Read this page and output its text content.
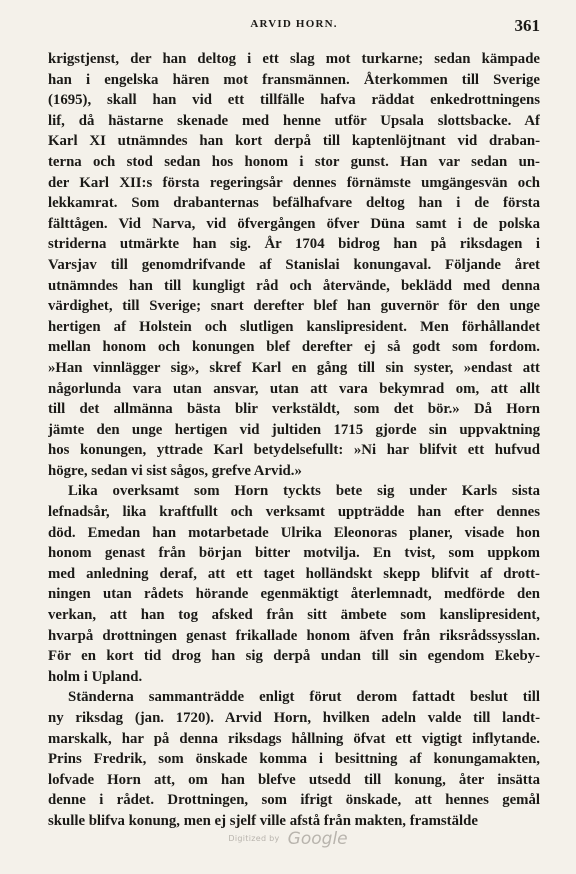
ARVID HORN.	361
krigstjenst, der han deltog i ett slag mot turkarne; sedan kämpade
han i engelska hären mot fransmännen. Återkommen till Sverige
(1695), skall han vid ett tillfälle hafva räddat enkedrottningens
lif, då hästarne skenade med henne utför Upsala slottsbacke. Af
Karl XI utnämndes han kort derpå till kaptenlöjtnant vid draban-
terna och stod sedan hos honom i stor gunst. Han var sedan un-
der Karl XII:s första regeringsår dennes förnämste umgängesvän och
lekkamrat. Som drabanternas befälhafvare deltog han i de första
fälttågen. Vid Narva, vid öfvergången öfver Düna samt i de polska
striderna utmärkte han sig. År 1704 bidrog han på riksdagen i
Varsjav till genomdrifvande af Stanislai konungaval. Följande året
utnämndes han till kungligt råd och återvände, beklädd med denna
värdighet, till Sverige; snart derefter blef han guvernör för den unge
hertigen af Holstein och slutligen kanslipresident. Men förhållandet
mellan honom och konungen blef derefter ej så godt som fordom.
»Han vinnlägger sig», skref Karl en gång till sin syster, »endast att
någorlunda vara utan ansvar, utan att vara bekymrad om, att allt
till det allmänna bästa blir verkstäldt, som det bör.» Då Horn
jämte den unge hertigen vid jultiden 1715 gjorde sin uppvaktning
hos konungen, yttrade Karl betydelsefullt: »Ni har blifvit ett hufvud
högre, sedan vi sist sågos, grefve Arvid.»
Lika overksamt som Horn tyckts bete sig under Karls sista
lefnadsår, lika kraftfullt och verksamt uppträdde han efter dennes
död. Emedan han motarbetade Ulrika Eleonoras planer, visade hon
honom genast från början bitter motvilja. En tvist, som uppkom
med anledning deraf, att ett taget holländskt skepp blifvit af drott-
ningen utan rådets hörande egenmäktigt återlemnadt, medförde den
verkan, att han tog afsked från sitt ämbete som kanslipresident,
hvarpå drottningen genast frikallade honom äfven från riksrådssysslan.
För en kort tid drog han sig derpå undan till sin egendom Ekeby-
holm i Upland.
Ständerna sammanträdde enligt förut derom fattadt beslut till
ny riksdag (jan. 1720). Arvid Horn, hvilken adeln valde till landt-
marskalk, har på denna riksdags hållning öfvat ett vigtigt inflytande.
Prins Fredrik, som önskade komma i besittning af konungamakten,
lofvade Horn att, om han blefve utsedd till konung, åter insätta
denne i rådet. Drottningen, som ifrigt önskade, att hennes gemål
skulle blifva konung, men ej sjelf ville afstå från makten, framstälde
Digitized by Google
